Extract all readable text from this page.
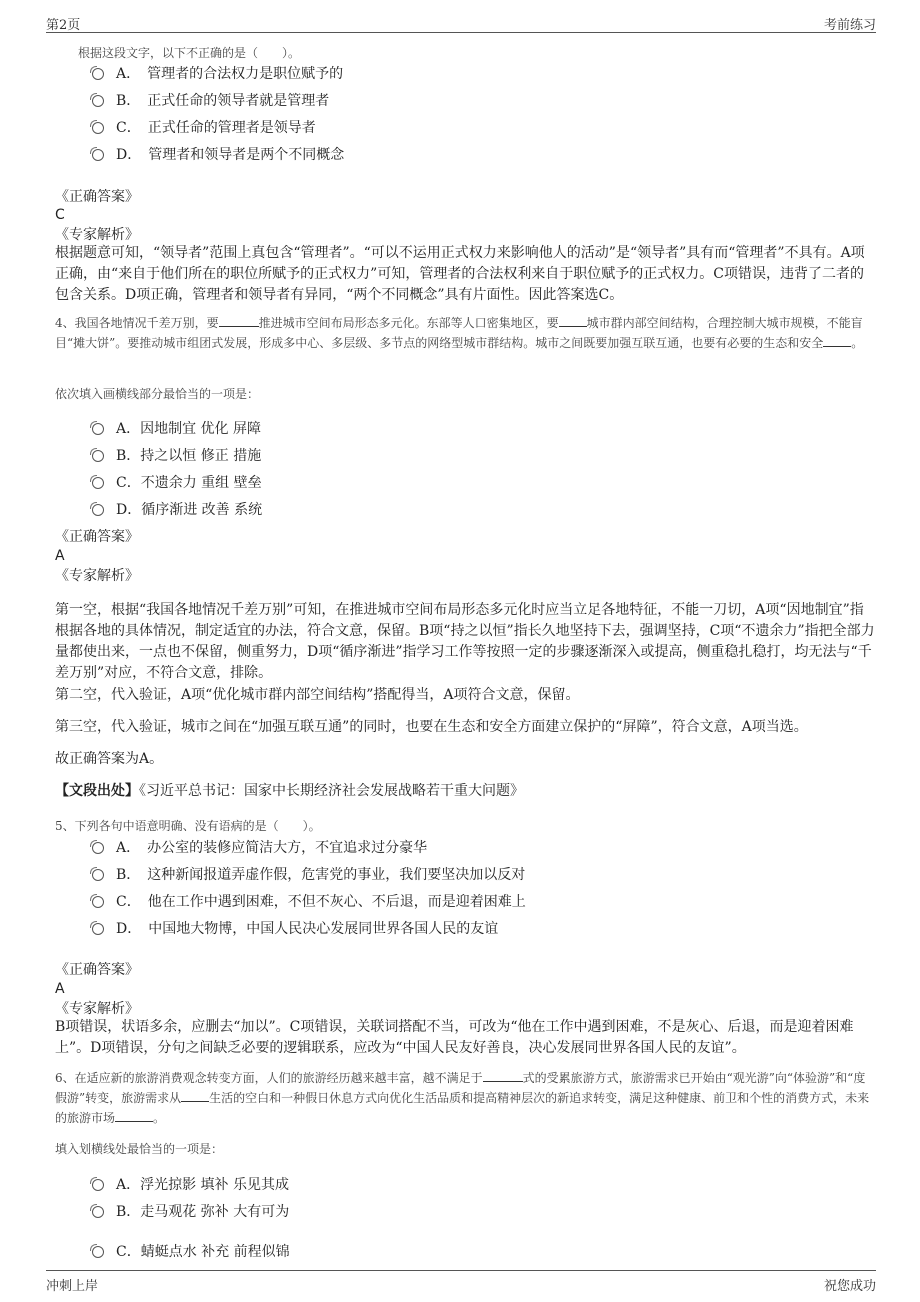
第2页	考前练习
根据这段文字，以下不正确的是（　　）。
A．　管理者的合法权力是职位赋予的
B．　正式任命的领导者就是管理者
C．　正式任命的管理者是领导者
D．　管理者和领导者是两个不同概念
《正确答案》
C
《专家解析》
根据题意可知，“领导者”范围上真包含“管理者”。“可以不运用正式权力来影响他人的活动”是“领导者”具有而“管理者”不具有。A项正确，由“来自于他们所在的职位所赋予的正式权力”可知，管理者的合法权利来自于职位赋予的正式权力。C项错误，违背了二者的包含关系。D项正确，管理者和领导者有异同，“两个不同概念”具有片面性。因此答案选C。
4、我国各地情况千差万别，要	推进城市空间布局形态多元化。东部等人口密集地区，要 城市群内部空间结构，合理控制大城市规模，不能盲目“摊大饼”。要推动城市组团式发展，形成多中心、多层级、多节点的网络型城市群结构。城市之间既要加强互联互通，也要有必要的生态和安全 。
依次填入画横线部分最恰当的一项是：
A．因地制宜 优化 屏障
B．持之以恒 修正 措施
C．不遗余力 重组 壁垒
D．循序渐进 改善 系统
《正确答案》
A
《专家解析》
第一空，根据“我国各地情况千差万别”可知，在推进城市空间布局形态多元化时应当立足各地特征，不能一刀切，A项“因地制宜”指根据各地的具体情况，制定适宜的办法，符合文意，保留。B项“持之以恒”指长久地坚持下去，强调坚持，C项“不遗余力”指把全部力量都使出来，一点也不保留，侧重努力，D项“循序渐进”指学习工作等按照一定的步骤逐渐深入或提高，侧重稳扎稳打，均无法与“千差万别”对应，不符合文意，排除。
第二空，代入验证，A项“优化城市群内部空间结构”搭配得当，A项符合文意，保留。
第三空，代入验证，城市之间在“加强互联互通”的同时，也要在生态和安全方面建立保护的“屏障”，符合文意，A项当选。
故正确答案为A。
【文段出处】《习近平总书记：国家中长期经济社会发展战略若干重大问题》
5、下列各句中语意明确、没有语病的是（　　）。
A．　办公室的装修应简洁大方，不宜追求过分豪华
B．　这种新闻报道弄虚作假，危害党的事业，我们要坚决加以反对
C．　他在工作中遇到困难，不但不灰心、不后退，而是迎着困难上
D．　中国地大物博，中国人民决心发展同世界各国人民的友谊
《正确答案》
A
《专家解析》
B项错误，状语多余，应删去“加以”。C项错误，关联词搭配不当，可改为“他在工作中遇到困难，不是灰心、后退，而是迎着困难上”。D项错误，分句之间缺乏必要的逻辑联系，应改为“中国人民友好善良，决心发展同世界各国人民的友谊”。
6、在适应新的旅游消费观念转变方面，人们的旅游经历越来越丰富，越不满足于	式的受累旅游方式，旅游需求已开始由“观光游”向“体验游”和“度假游”转变，旅游需求从 生活的空白和一种假日休息方式向优化生活品质和提高精神层次的新追求转变，满足这种健康、前卫和个性的消费方式，未来的旅游市场	。
填入划横线处最恰当的一项是：
A．浮光掠影 填补 乐见其成
B．走马观花 弥补 大有可为
C．蜻蜓点水 补充 前程似锦
冲刺上岸	祝您成功
